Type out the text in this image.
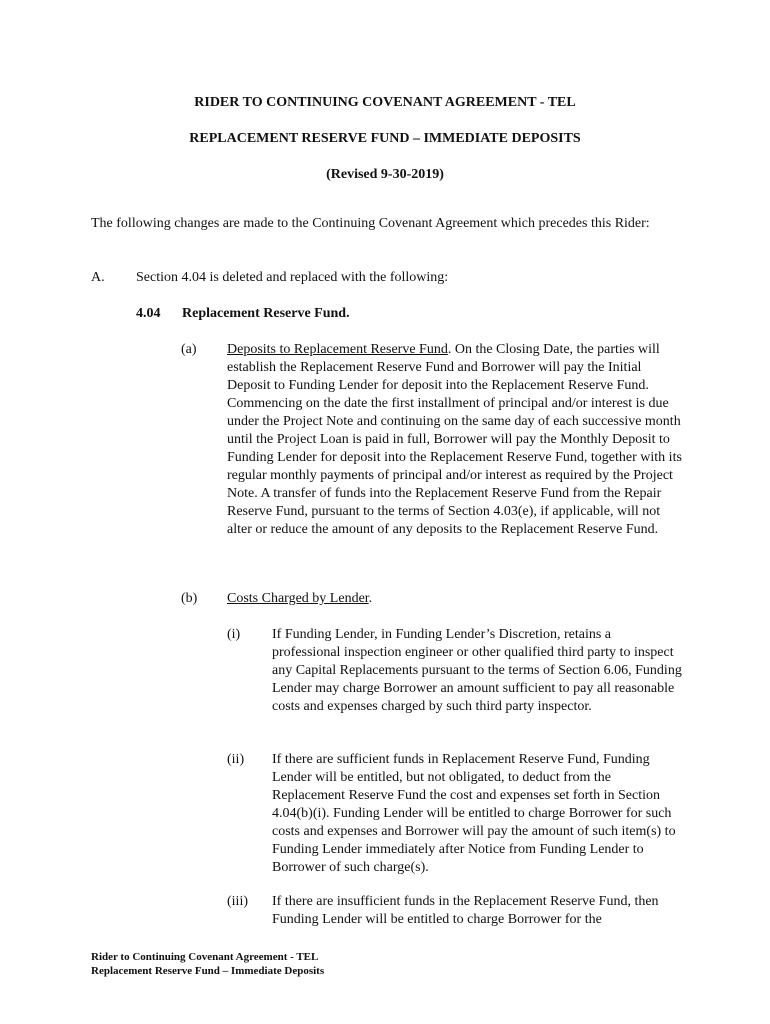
RIDER TO CONTINUING COVENANT AGREEMENT - TEL

REPLACEMENT RESERVE FUND – IMMEDIATE DEPOSITS

(Revised 9-30-2019)

The following changes are made to the Continuing Covenant Agreement which precedes this Rider:

A. Section 4.04 is deleted and replaced with the following:
4.04 Replacement Reserve Fund.
(a) Deposits to Replacement Reserve Fund. On the Closing Date, the parties will establish the Replacement Reserve Fund and Borrower will pay the Initial Deposit to Funding Lender for deposit into the Replacement Reserve Fund. Commencing on the date the first installment of principal and/or interest is due under the Project Note and continuing on the same day of each successive month until the Project Loan is paid in full, Borrower will pay the Monthly Deposit to Funding Lender for deposit into the Replacement Reserve Fund, together with its regular monthly payments of principal and/or interest as required by the Project Note. A transfer of funds into the Replacement Reserve Fund from the Repair Reserve Fund, pursuant to the terms of Section 4.03(e), if applicable, will not alter or reduce the amount of any deposits to the Replacement Reserve Fund.

(b) Costs Charged by Lender.

(i) If Funding Lender, in Funding Lender’s Discretion, retains a professional inspection engineer or other qualified third party to inspect any Capital Replacements pursuant to the terms of Section 6.06, Funding Lender may charge Borrower an amount sufficient to pay all reasonable costs and expenses charged by such third party inspector.

(ii) If there are sufficient funds in Replacement Reserve Fund, Funding Lender will be entitled, but not obligated, to deduct from the Replacement Reserve Fund the cost and expenses set forth in Section 4.04(b)(i). Funding Lender will be entitled to charge Borrower for such costs and expenses and Borrower will pay the amount of such item(s) to Funding Lender immediately after Notice from Funding Lender to Borrower of such charge(s).

(iii) If there are insufficient funds in the Replacement Reserve Fund, then Funding Lender will be entitled to charge Borrower for the

Rider to Continuing Covenant Agreement - TEL
Replacement Reserve Fund – Immediate Deposits
